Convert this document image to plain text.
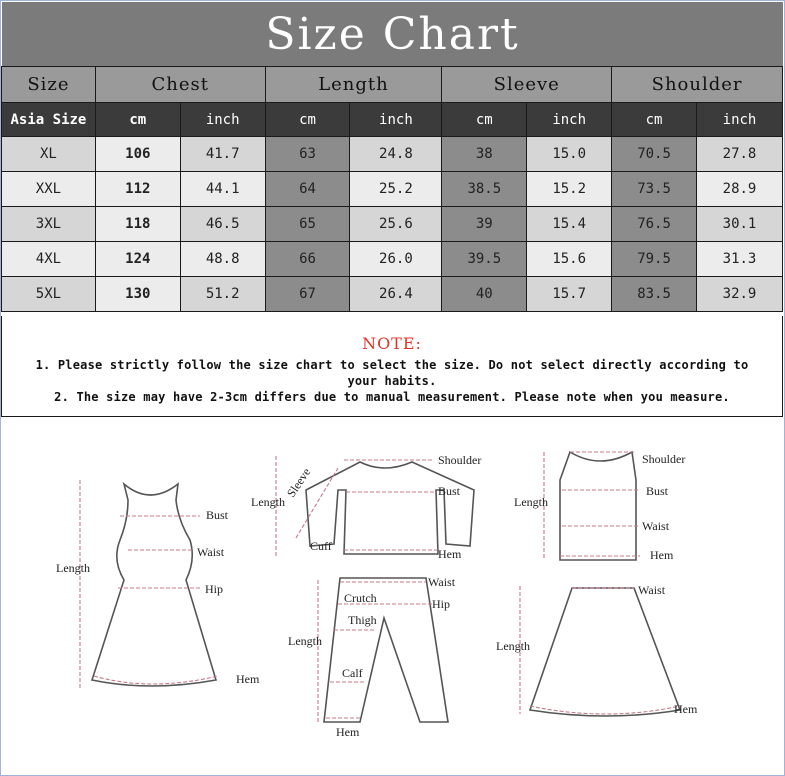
Size Chart
Size	Chest		Length		Sleeve		Shoulder	
Asia Size	cm	inch	cm	inch	cm	inch	cm	inch
XL	106	41.7	63	24.8	38	15.0	70.5	27.8
XXL	112	44.1	64	25.2	38.5	15.2	73.5	28.9
3XL	118	46.5	65	25.6	39	15.4	76.5	30.1
4XL	124	48.8	66	26.0	39.5	15.6	79.5	31.3
5XL	130	51.2	67	26.4	40	15.7	83.5	32.9
NOTE:
1. Please strictly follow the size chart to select the size. Do not select directly according to
your habits.
2. The size may have 2-3cm differs due to manual measurement. Please note when you measure.
Bust
Waist
Length
Hip
Hem
Shoulder
Sleeve
Length
Bust
Cuff
Hem
Shoulder
Bust
Length
Waist
Hem
Waist
Crutch	Hip
Thigh
Length
Calf
Hem
Waist
Length
Hem
